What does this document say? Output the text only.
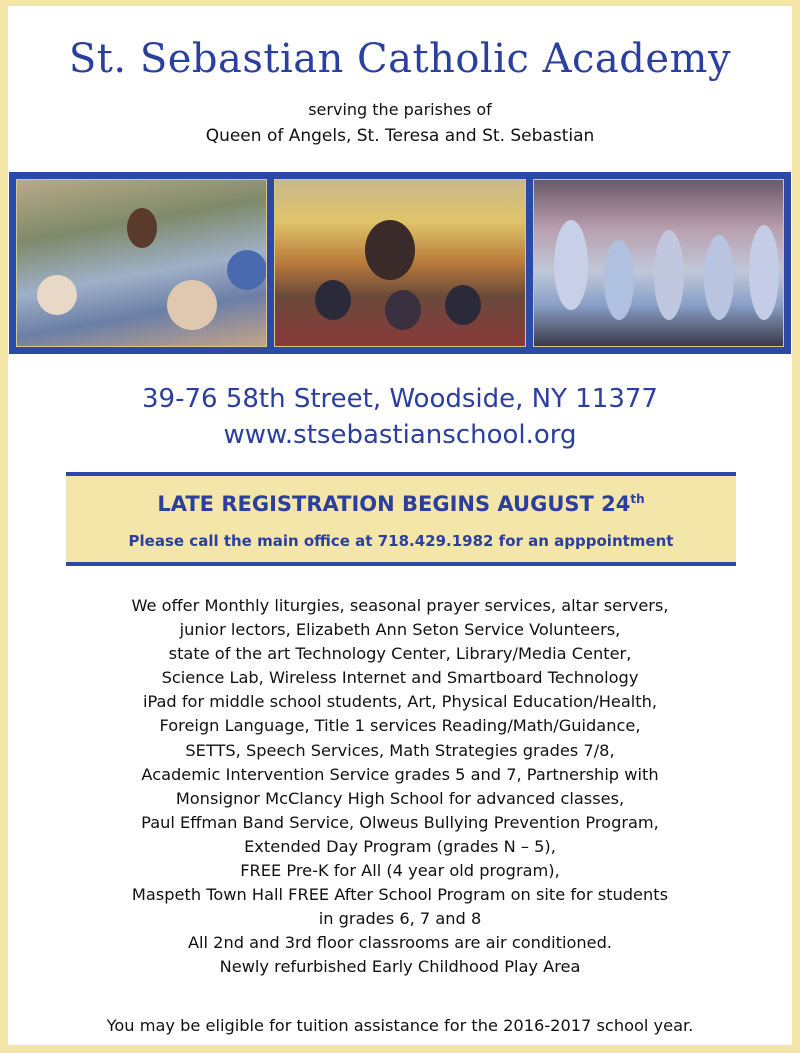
St. Sebastian Catholic Academy
serving the parishes of
Queen of Angels, St. Teresa and St. Sebastian
39-76 58th Street, Woodside, NY 11377
www.stsebastianschool.org
LATE REGISTRATION BEGINS AUGUST 24th
Please call the main office at 718.429.1982 for an apppointment
We offer Monthly liturgies, seasonal prayer services, altar servers,
junior lectors, Elizabeth Ann Seton Service Volunteers,
state of the art Technology Center, Library/Media Center,
Science Lab, Wireless Internet and Smartboard Technology
iPad for middle school students, Art, Physical Education/Health,
Foreign Language, Title 1 services Reading/Math/Guidance,
SETTS, Speech Services, Math Strategies grades 7/8,
Academic Intervention Service grades 5 and 7, Partnership with
Monsignor McClancy High School for advanced classes,
Paul Effman Band Service, Olweus Bullying Prevention Program,
Extended Day Program (grades N – 5),
FREE Pre-K for All (4 year old program),
Maspeth Town Hall FREE After School Program on site for students
in grades 6, 7 and 8
All 2nd and 3rd floor classrooms are air conditioned.
Newly refurbished Early Childhood Play Area
You may be eligible for tuition assistance for the 2016-2017 school year.
